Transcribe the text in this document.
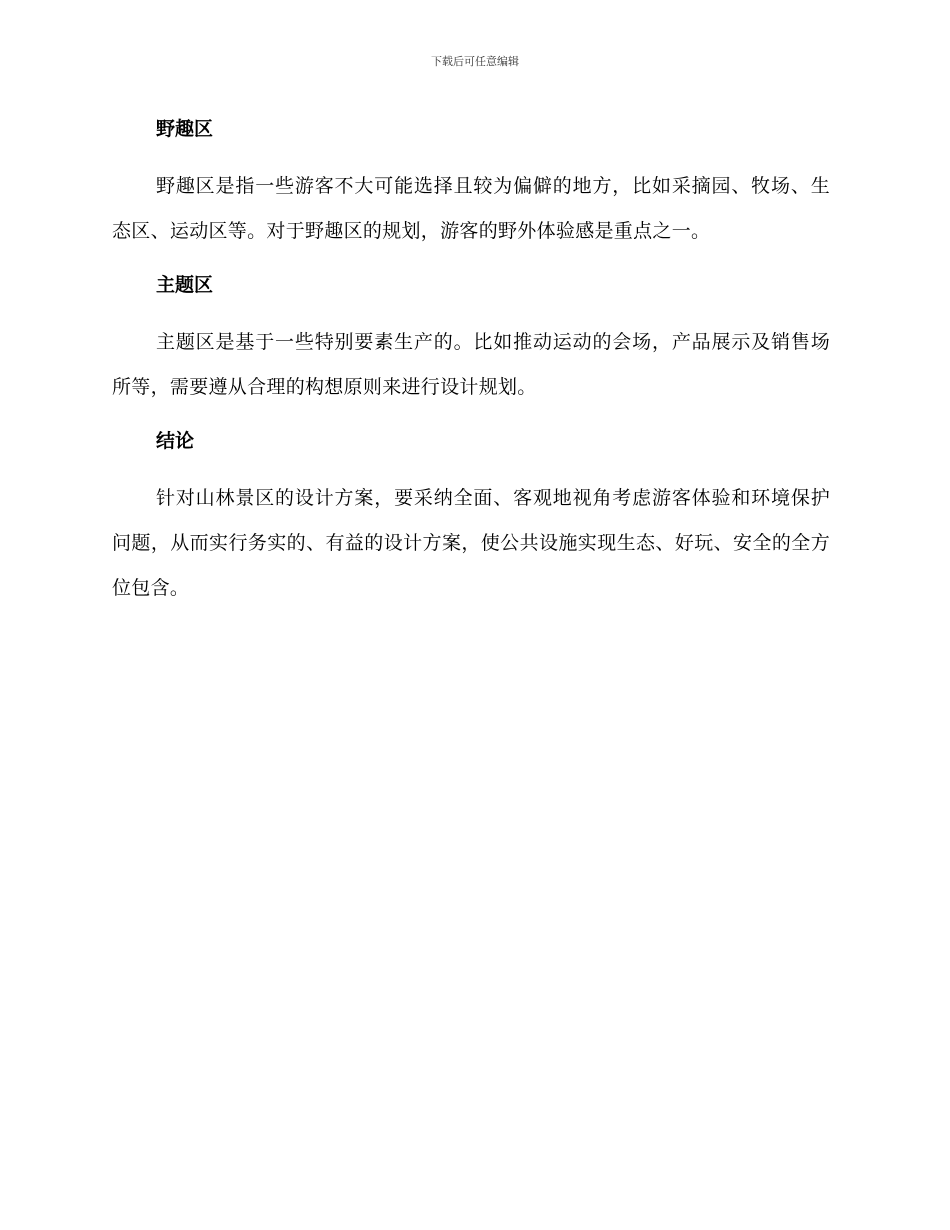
下载后可任意编辑
野趣区

野趣区是指一些游客不大可能选择且较为偏僻的地方，比如采摘园、牧场、生态区、运动区等。对于野趣区的规划，游客的野外体验感是重点之一。

主题区

主题区是基于一些特别要素生产的。比如推动运动的会场，产品展示及销售场所等，需要遵从合理的构想原则来进行设计规划。

结论

针对山林景区的设计方案，要采纳全面、客观地视角考虑游客体验和环境保护问题，从而实行务实的、有益的设计方案，使公共设施实现生态、好玩、安全的全方位包含。
